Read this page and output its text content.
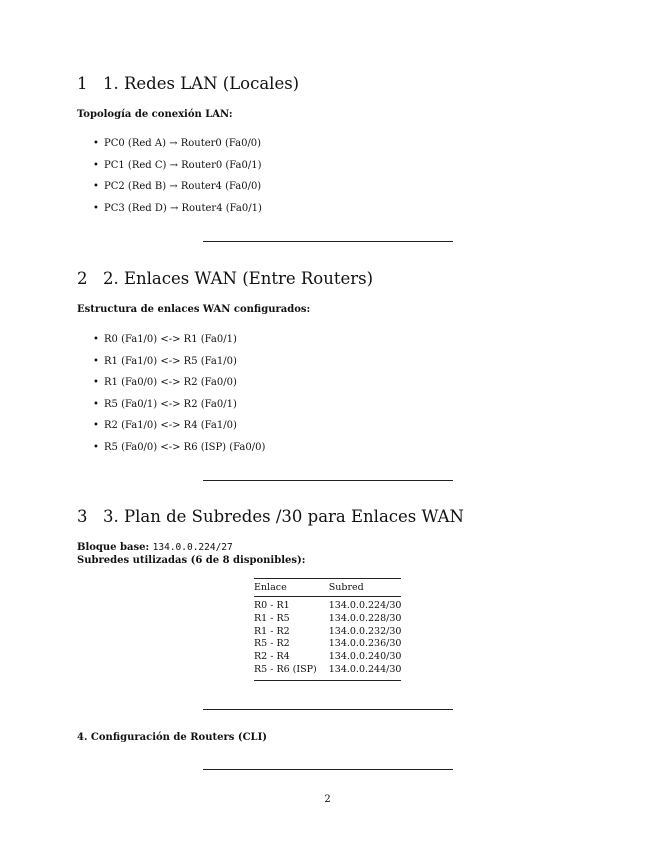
1 1. Redes LAN (Locales)

Topología de conexión LAN:

• PC0 (Red A) → Router0 (Fa0/0)
• PC1 (Red C) → Router0 (Fa0/1)
• PC2 (Red B) → Router4 (Fa0/0)
• PC3 (Red D) → Router4 (Fa0/1)
2 2. Enlaces WAN (Entre Routers)

Estructura de enlaces WAN configurados:

• R0 (Fa1/0) <-> R1 (Fa0/1)
• R1 (Fa1/0) <-> R5 (Fa1/0)
• R1 (Fa0/0) <-> R2 (Fa0/0)
• R5 (Fa0/1) <-> R2 (Fa0/1)
• R2 (Fa1/0) <-> R4 (Fa1/0)
• R5 (Fa0/0) <-> R6 (ISP) (Fa0/0)
3 3. Plan de Subredes /30 para Enlaces WAN

Bloque base: 134.0.0.224/27

Subredes utilizadas (6 de 8 disponibles):

Enlace	Subred
R0 - R1	134.0.0.224/30
R1 - R5	134.0.0.228/30
R1 - R2	134.0.0.232/30
R5 - R2	134.0.0.236/30
R2 - R4	134.0.0.240/30
R5 - R6 (ISP)	134.0.0.244/30

4. Configuración de Routers (CLI)

2
